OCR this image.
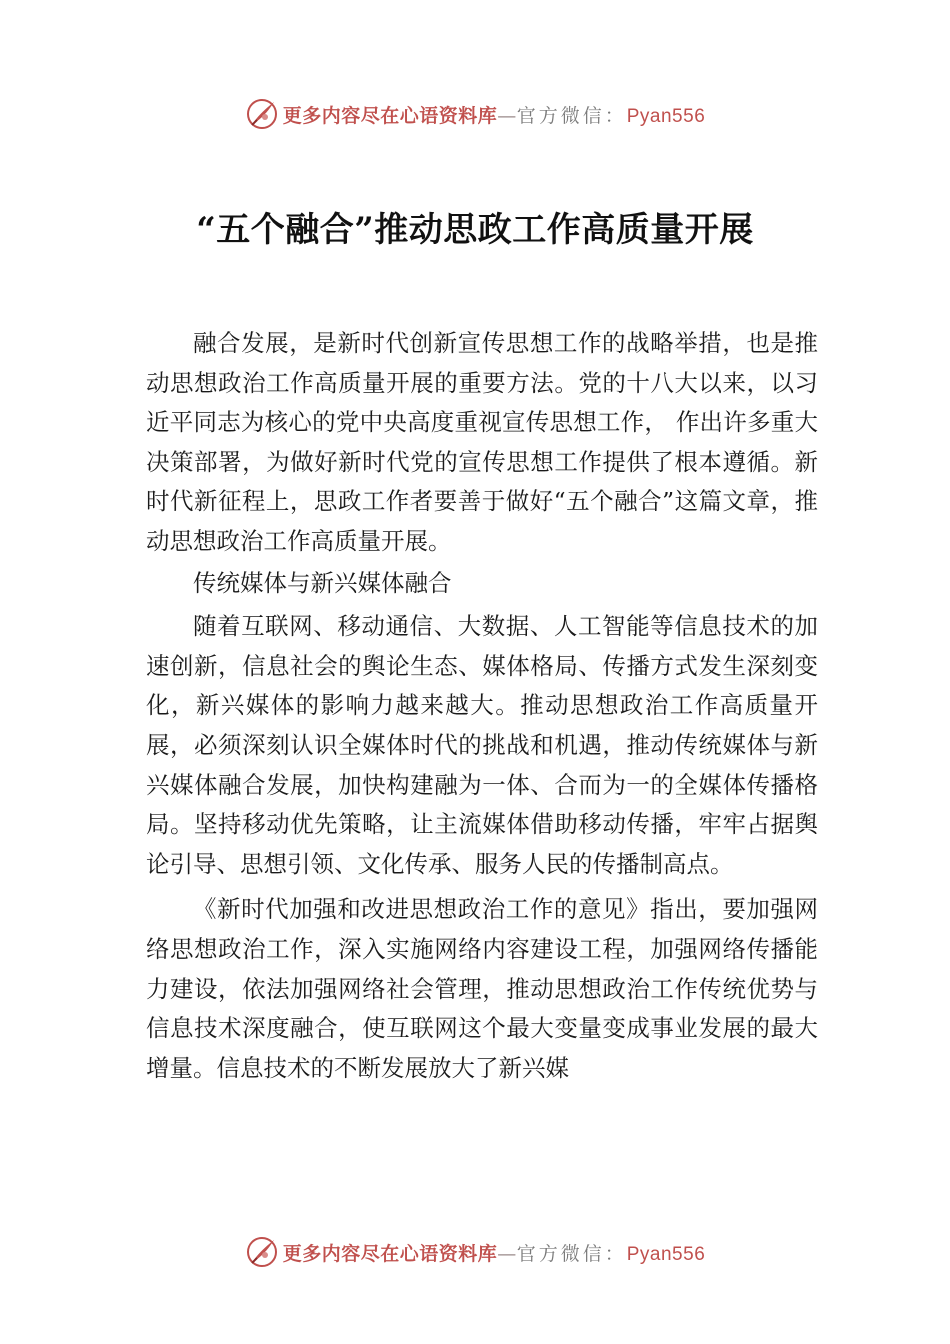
更多内容尽在心语资料库—官方微信：Pyan556
“五个融合”推动思政工作高质量开展

融合发展，是新时代创新宣传思想工作的战略举措，也是推动思想政治工作高质量开展的重要方法。党的十八大以来，以习近平同志为核心的党中央高度重视宣传思想工作， 作出许多重大决策部署，为做好新时代党的宣传思想工作提供了根本遵循。新时代新征程上，思政工作者要善于做好“五个融合”这篇文章，推动思想政治工作高质量开展。

传统媒体与新兴媒体融合

随着互联网、移动通信、大数据、人工智能等信息技术的加速创新，信息社会的舆论生态、媒体格局、传播方式发生深刻变化，新兴媒体的影响力越来越大。推动思想政治工作高质量开展，必须深刻认识全媒体时代的挑战和机遇，推动传统媒体与新兴媒体融合发展，加快构建融为一体、合而为一的全媒体传播格局。坚持移动优先策略，让主流媒体借助移动传播，牢牢占据舆论引导、思想引领、文化传承、服务人民的传播制高点。

《新时代加强和改进思想政治工作的意见》指出，要加强网络思想政治工作，深入实施网络内容建设工程，加强网络传播能力建设，依法加强网络社会管理，推动思想政治工作传统优势与信息技术深度融合，使互联网这个最大变量变成事业发展的最大增量。信息技术的不断发展放大了新兴媒

更多内容尽在心语资料库—官方微信：Pyan556
